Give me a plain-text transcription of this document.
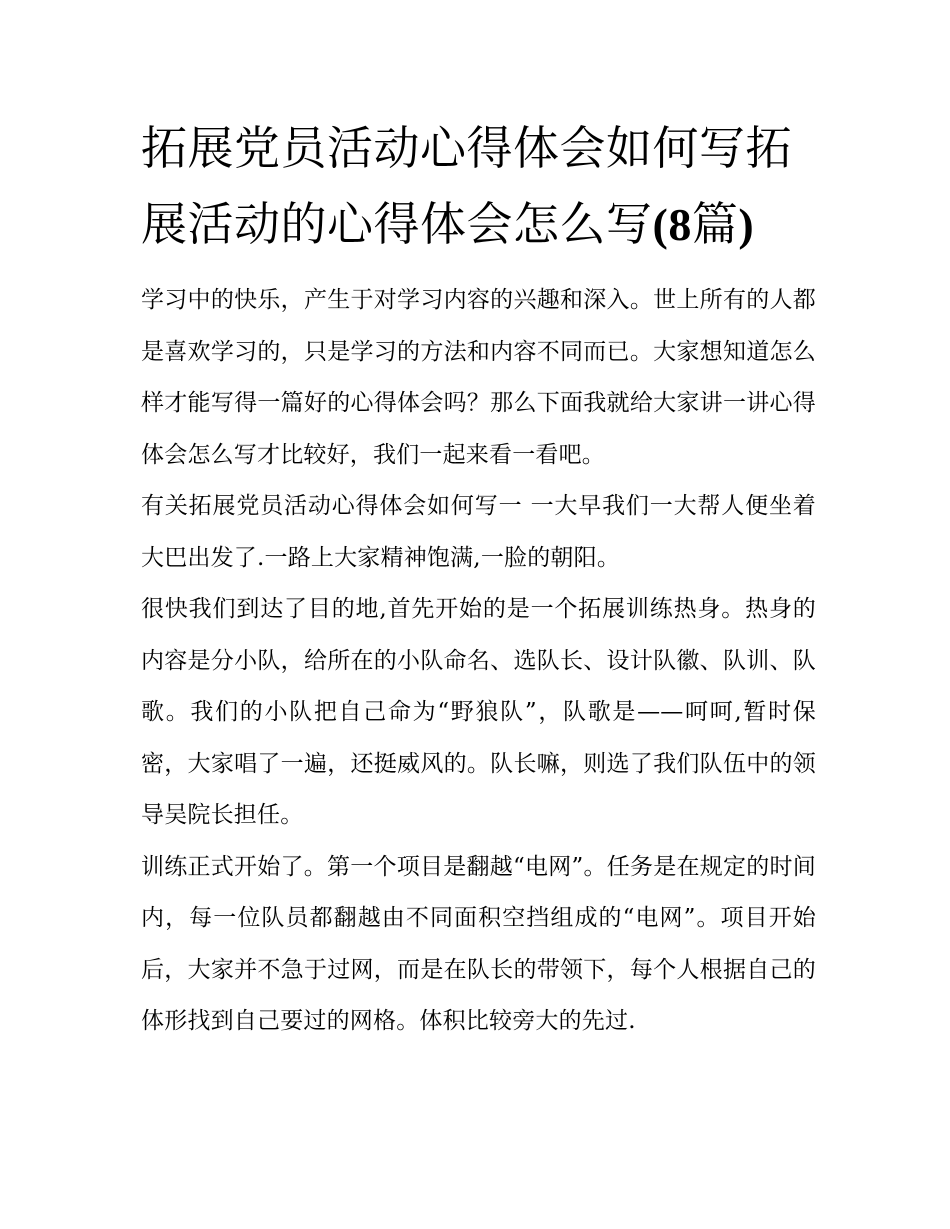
拓展党员活动心得体会如何写拓展活动的心得体会怎么写(8篇)

学习中的快乐，产生于对学习内容的兴趣和深入。世上所有的人都是喜欢学习的，只是学习的方法和内容不同而已。大家想知道怎么样才能写得一篇好的心得体会吗？那么下面我就给大家讲一讲心得体会怎么写才比较好，我们一起来看一看吧。

有关拓展党员活动心得体会如何写一 一大早我们一大帮人便坐着大巴出发了.一路上大家精神饱满,一脸的朝阳。

很快我们到达了目的地,首先开始的是一个拓展训练热身。热身的内容是分小队，给所在的小队命名、选队长、设计队徽、队训、队歌。我们的小队把自己命为“野狼队”，队歌是——呵呵,暂时保密，大家唱了一遍，还挺威风的。队长嘛，则选了我们队伍中的领导吴院长担任。

训练正式开始了。第一个项目是翻越“电网”。任务是在规定的时间内，每一位队员都翻越由不同面积空挡组成的“电网”。项目开始后，大家并不急于过网，而是在队长的带领下，每个人根据自己的体形找到自己要过的网格。体积比较旁大的先过.
